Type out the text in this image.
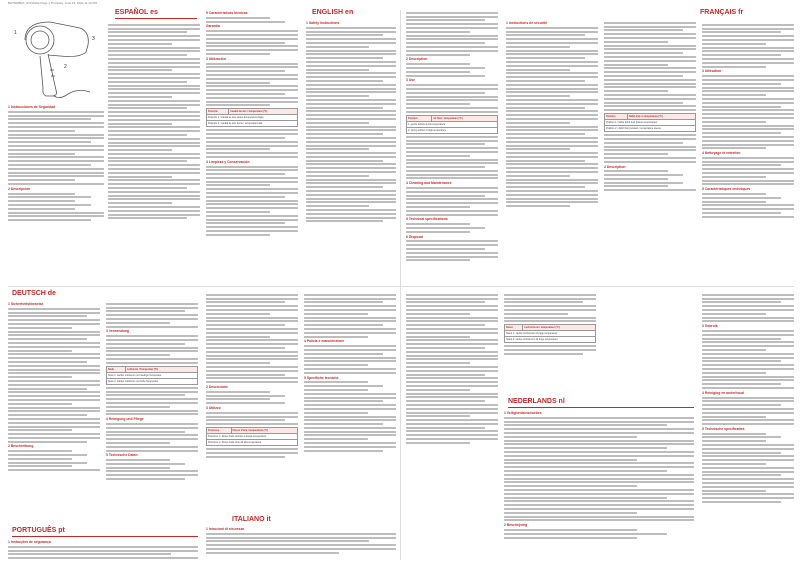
BHT600BLK_IFU3019e Page 1 Thursday, June 16, 2022 11:12 PM
1
2
3
ESPAÑOL es
1 Instrucciones de Seguridad
2 Descripción
5 Características técnicas
Garantía
3 Utilización
Posición	Caudal de aire / temperatura (ºC)
Posición 1 / caudal de aire suave (temperatura baja)
Posición 2 / caudal de aire fuerte / temperatura alta
4 Limpieza y Conservación
ENGLISH en
1 Safety Instructions
2 Description
3 Use
Position	Air flow / temperature (ºC)
1: gentle airflow at low temperature
2: strong airflow at high temperature
4 Cleaning and Maintenance
5 Technical specifications
6 Disposal
FRANÇAIS fr
1 Instructions de sécurité
Position	Débit d'air et température (ºC)
Position 1 / faible débit d'air (basse température)
Position 2 / débit d'air puissant / température élevée
2 Description
3 Utilisation
4 Nettoyage et entretien
5 Caractéristiques techniques
DEUTSCH de
1 Sicherheitshinweise
2 Beschreibung
3 Verwendung
Stufe	Luftstrom / Temperatur (ºC)
Stufe 1: sanfter Luftstrom und niedrige Temperatur
Stufe 2: starker Luftstrom und hohe Temperatur
4 Reinigung und Pflege
5 Technische Daten
ITALIANO it
2 Descrizione
3 Utilizzo
Posizione	Flusso d'aria / temperatura (ºC)
Posizione 1: flusso d'aria delicato a bassa temperatura
Posizione 2: flusso d'aria forte ad alta temperatura
1 Istruzioni di sicurezza
4 Pulizia e manutenzione
5 Specifiche tecniche
Stand	Luchtstroom / temperatuur (ºC)
Stand 1: zachte luchtstroom bij lage temperatuur
Stand 2: sterke luchtstroom bij hoge temperatuur
NEDERLANDS nl
1 Veiligheidsinstructies
2 Beschrijving
3 Gebruik
4 Reiniging en onderhoud
5 Technische specificaties
PORTUGUÊS pt
1 Instruções de segurança
